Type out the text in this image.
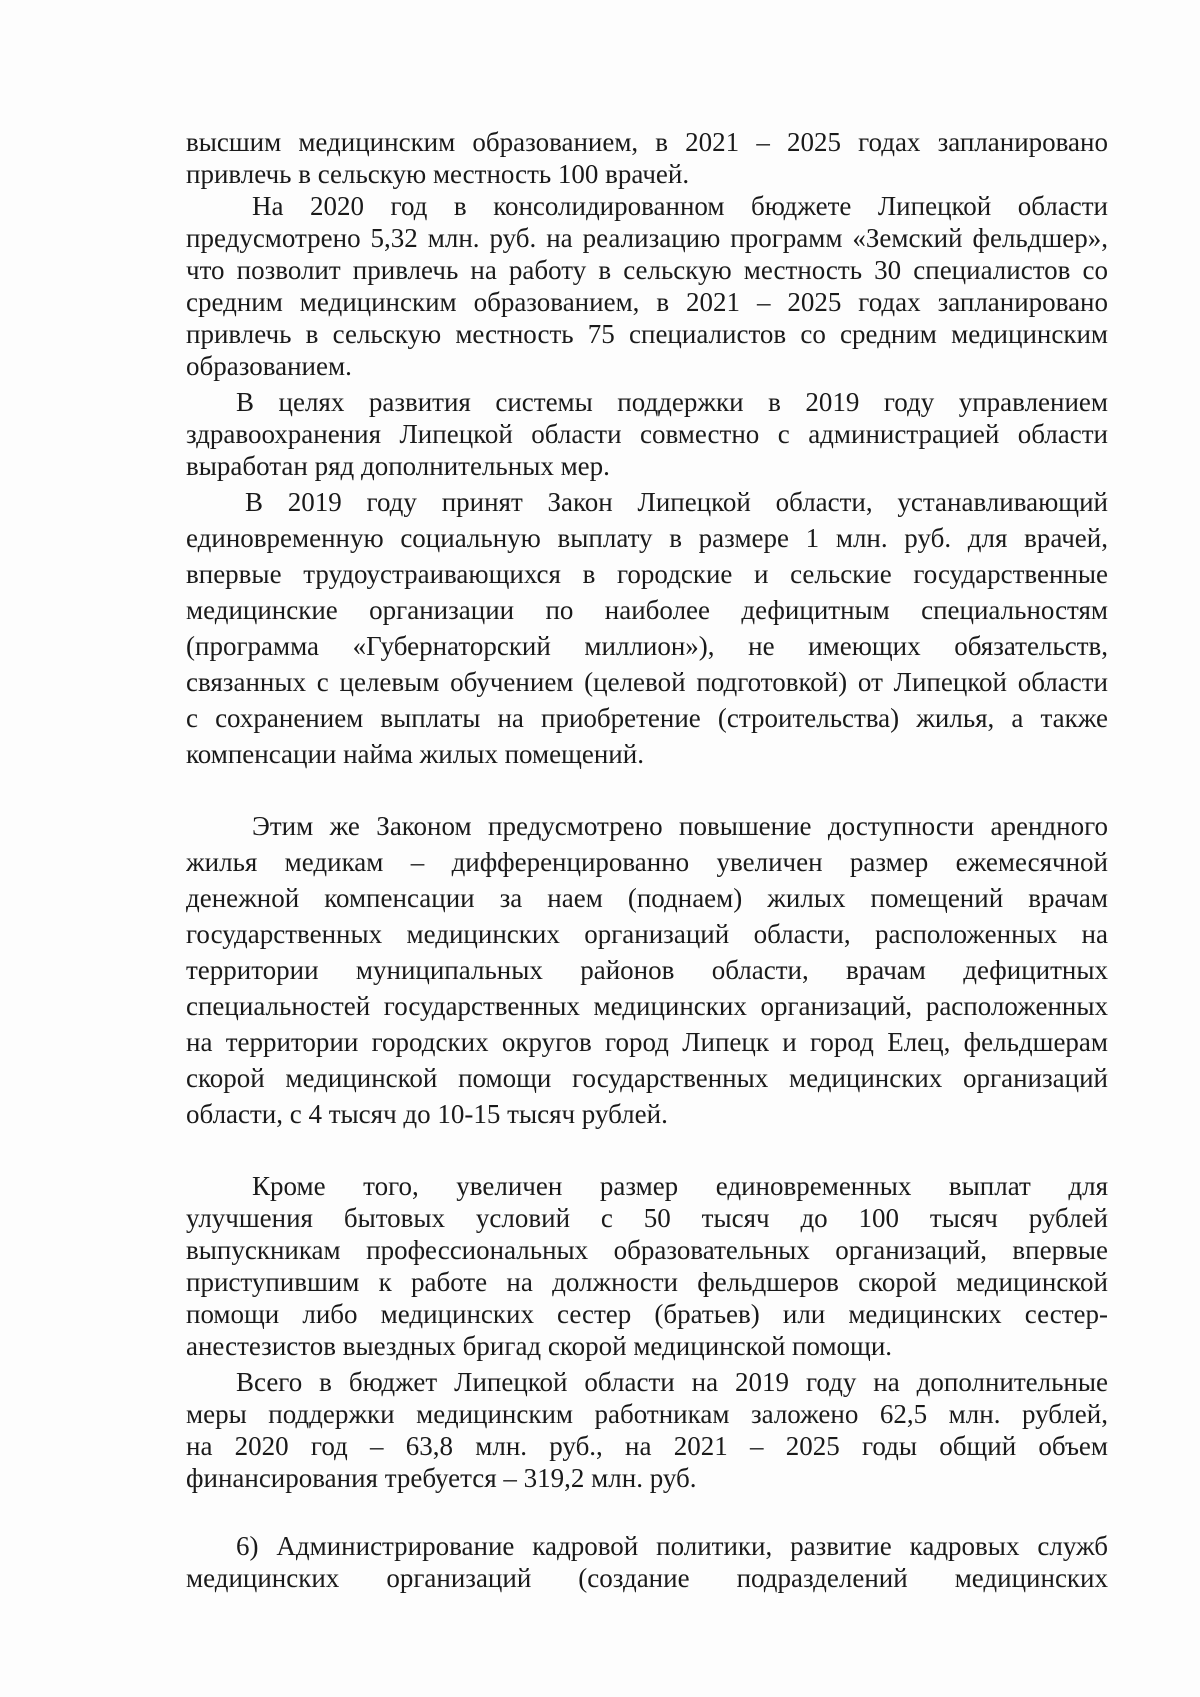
высшим медицинским образованием, в 2021 – 2025 годах запланировано
привлечь в сельскую местность 100 врачей.
На 2020 год в консолидированном бюджете Липецкой области
предусмотрено 5,32 млн. руб. на реализацию программ «Земский фельдшер»,
что позволит привлечь на работу в сельскую местность 30 специалистов со
средним медицинским образованием, в 2021 – 2025 годах запланировано
привлечь в сельскую местность 75 специалистов со средним медицинским
образованием.
В целях развития системы поддержки в 2019 году управлением
здравоохранения Липецкой области совместно с администрацией области
выработан ряд дополнительных мер.
В 2019 году принят Закон Липецкой области, устанавливающий
единовременную социальную выплату в размере 1 млн. руб. для врачей,
впервые трудоустраивающихся в городские и сельские государственные
медицинские организации по наиболее дефицитным специальностям
(программа «Губернаторский миллион»), не имеющих обязательств,
связанных с целевым обучением (целевой подготовкой) от Липецкой области
с сохранением выплаты на приобретение (строительства) жилья, а также
компенсации найма жилых помещений.
Этим же Законом предусмотрено повышение доступности арендного
жилья медикам – дифференцированно увеличен размер ежемесячной
денежной компенсации за наем (поднаем) жилых помещений врачам
государственных медицинских организаций области, расположенных на
территории муниципальных районов области, врачам дефицитных
специальностей государственных медицинских организаций, расположенных
на территории городских округов город Липецк и город Елец, фельдшерам
скорой медицинской помощи государственных медицинских организаций
области, с 4 тысяч до 10-15 тысяч рублей.
Кроме того, увеличен размер единовременных выплат для
улучшения бытовых условий с 50 тысяч до 100 тысяч рублей
выпускникам профессиональных образовательных организаций, впервые
приступившим к работе на должности фельдшеров скорой медицинской
помощи либо медицинских сестер (братьев) или медицинских сестер-
анестезистов выездных бригад скорой медицинской помощи.
Всего в бюджет Липецкой области на 2019 году на дополнительные
меры поддержки медицинским работникам заложено 62,5 млн. рублей,
на 2020 год – 63,8 млн. руб., на 2021 – 2025 годы общий объем
финансирования требуется – 319,2 млн. руб.
6) Администрирование кадровой политики, развитие кадровых служб
медицинских организаций (создание подразделений медицинских
